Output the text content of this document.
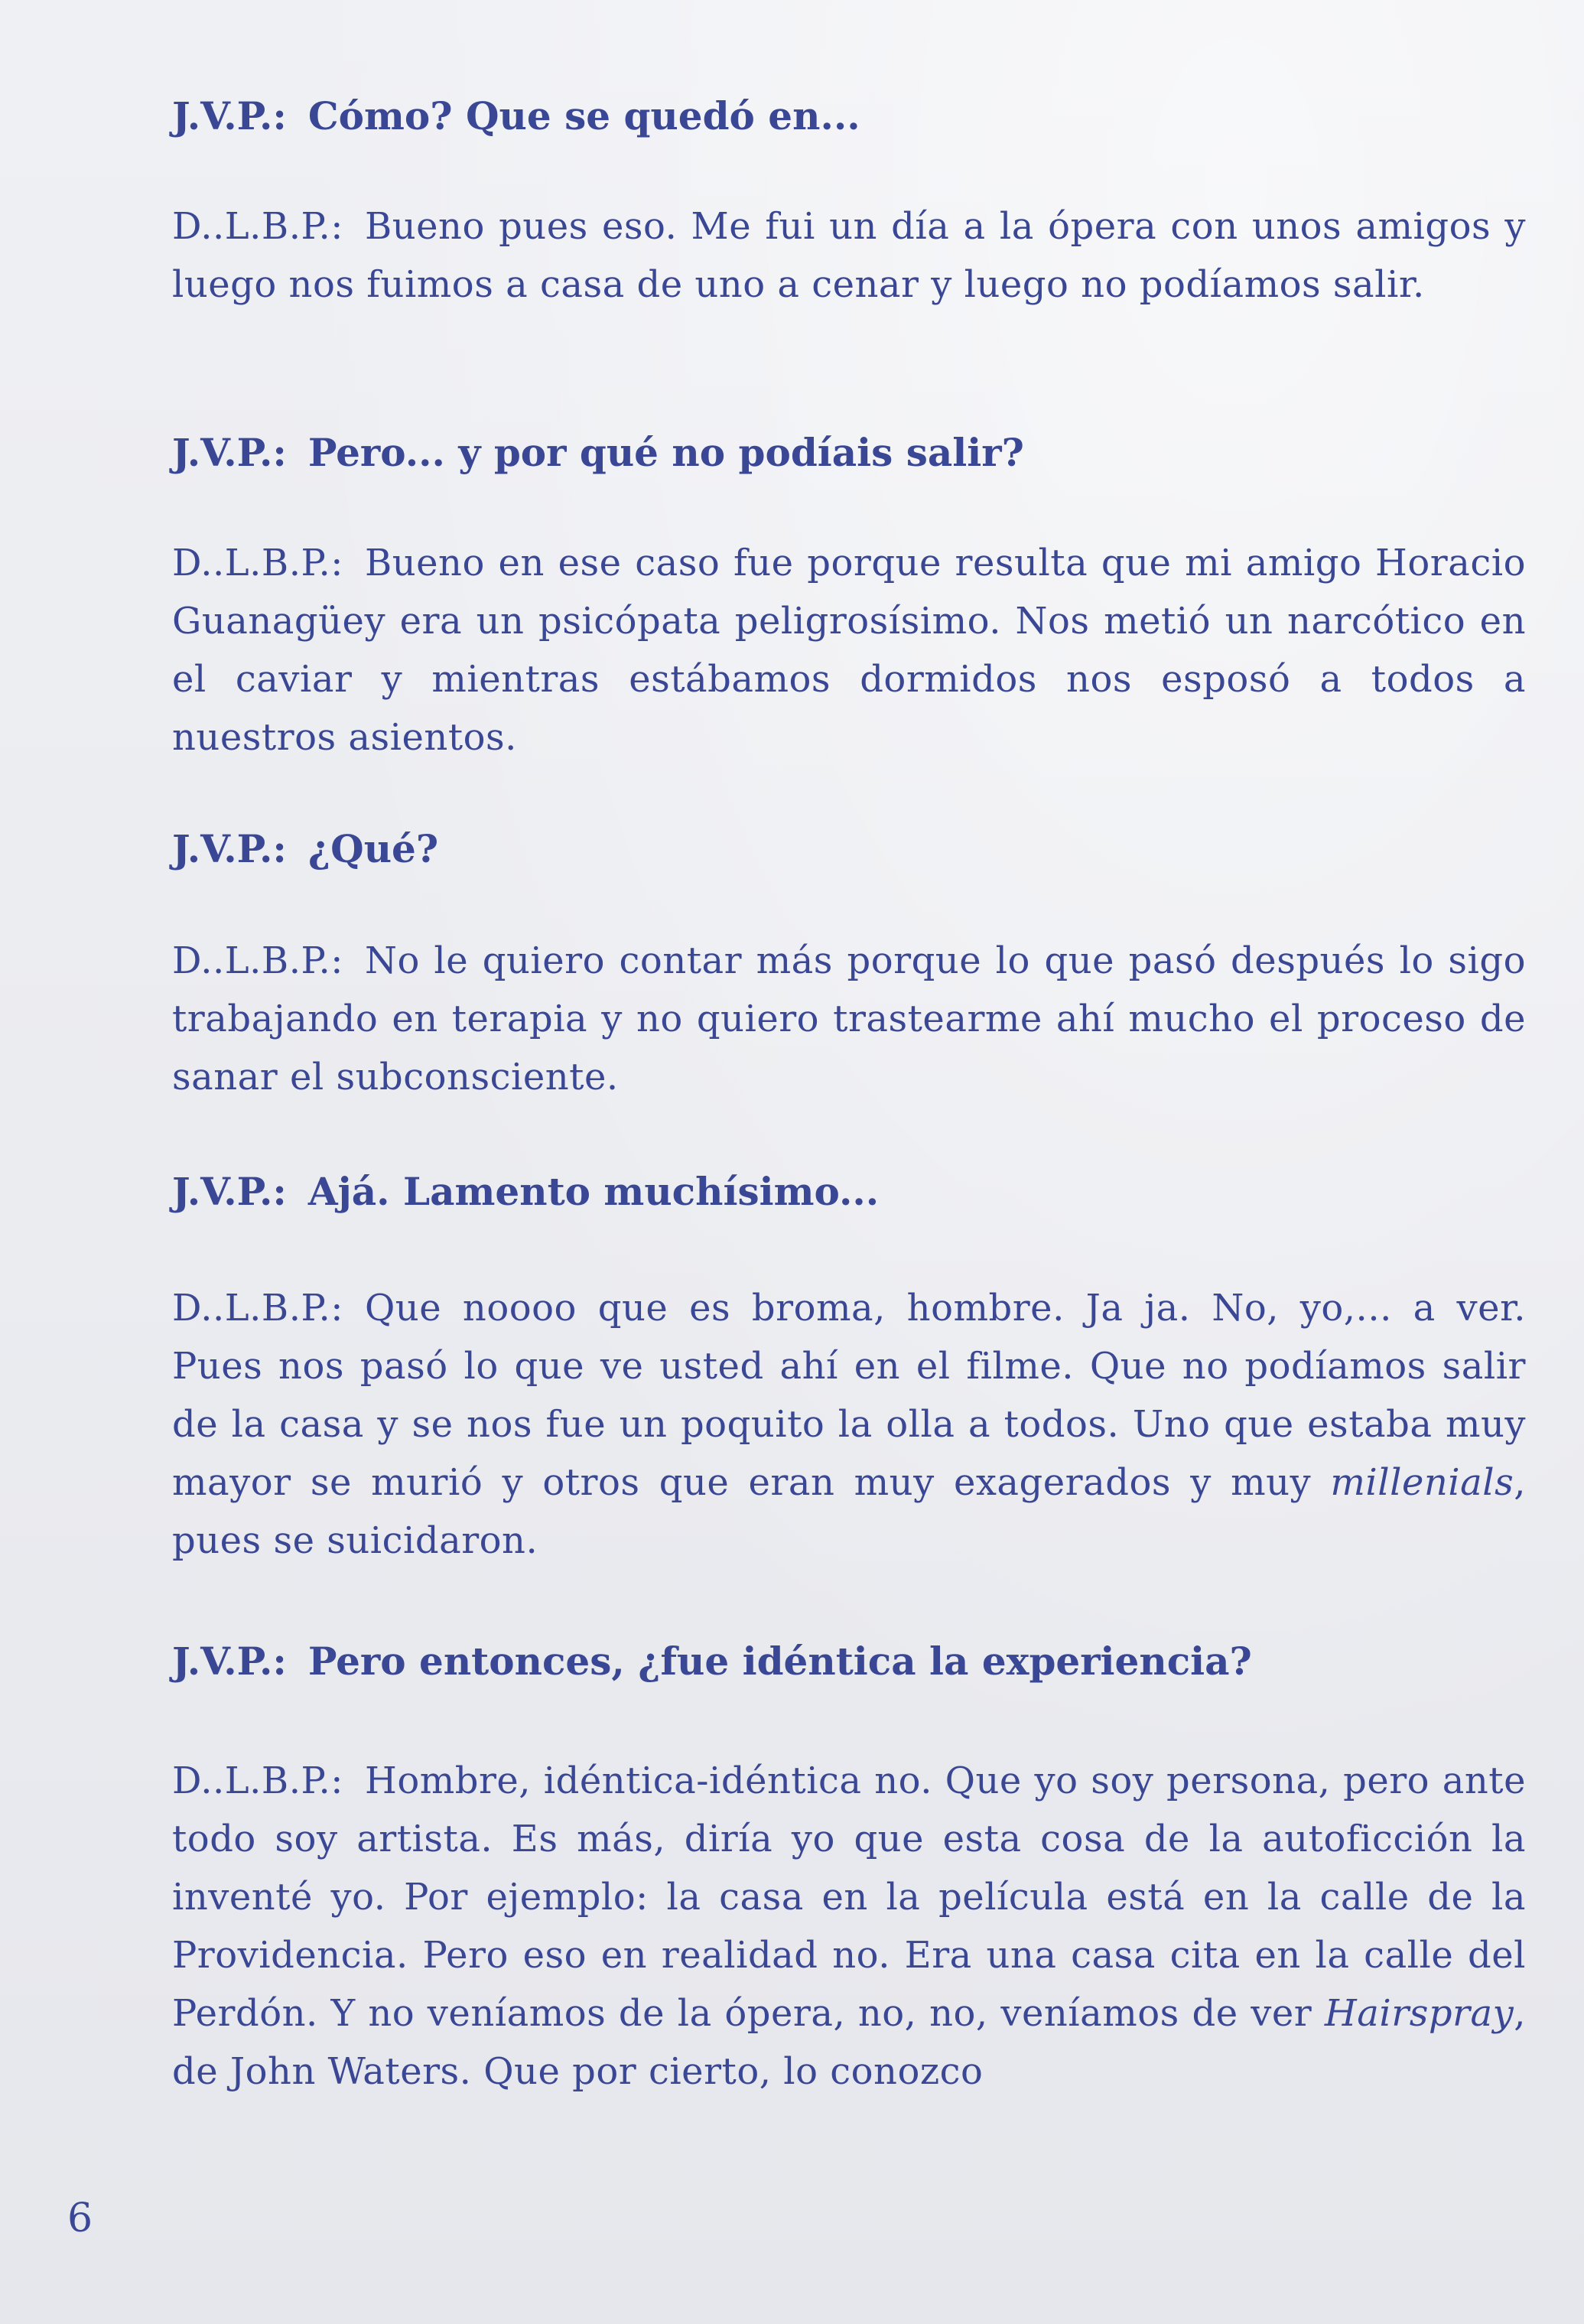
J.V.P.: Cómo? Que se quedó en...
D..L.B.P.: Bueno pues eso. Me fui un día a la ópera con unos amigos y luego nos fuimos a casa de uno a cenar y luego no podíamos salir.
J.V.P.: Pero... y por qué no podíais salir?
D..L.B.P.: Bueno en ese caso fue porque resulta que mi amigo Horacio Guanagüey era un psicópata peligrosísimo. Nos metió un narcótico en el caviar y mientras estábamos dormidos nos esposó a todos a nuestros asientos.
J.V.P.: ¿Qué?
D..L.B.P.: No le quiero contar más porque lo que pasó después lo sigo trabajando en terapia y no quiero trastearme ahí mucho el proceso de sanar el subconsciente.
J.V.P.: Ajá. Lamento muchísimo...
D..L.B.P.: Que noooo que es broma, hombre. Ja ja. No, yo,... a ver. Pues nos pasó lo que ve usted ahí en el filme. Que no podíamos salir de la casa y se nos fue un poquito la olla a todos. Uno que estaba muy mayor se murió y otros que eran muy exagerados y muy millenials, pues se suicidaron.
J.V.P.: Pero entonces, ¿fue idéntica la experiencia?
D..L.B.P.: Hombre, idéntica-idéntica no. Que yo soy persona, pero ante todo soy artista. Es más, diría yo que esta cosa de la autoficción la inventé yo. Por ejemplo: la casa en la película está en la calle de la Providencia. Pero eso en realidad no. Era una casa cita en la calle del Perdón. Y no veníamos de la ópera, no, no, veníamos de ver Hairspray, de John Waters. Que por cierto, lo conozco
6
